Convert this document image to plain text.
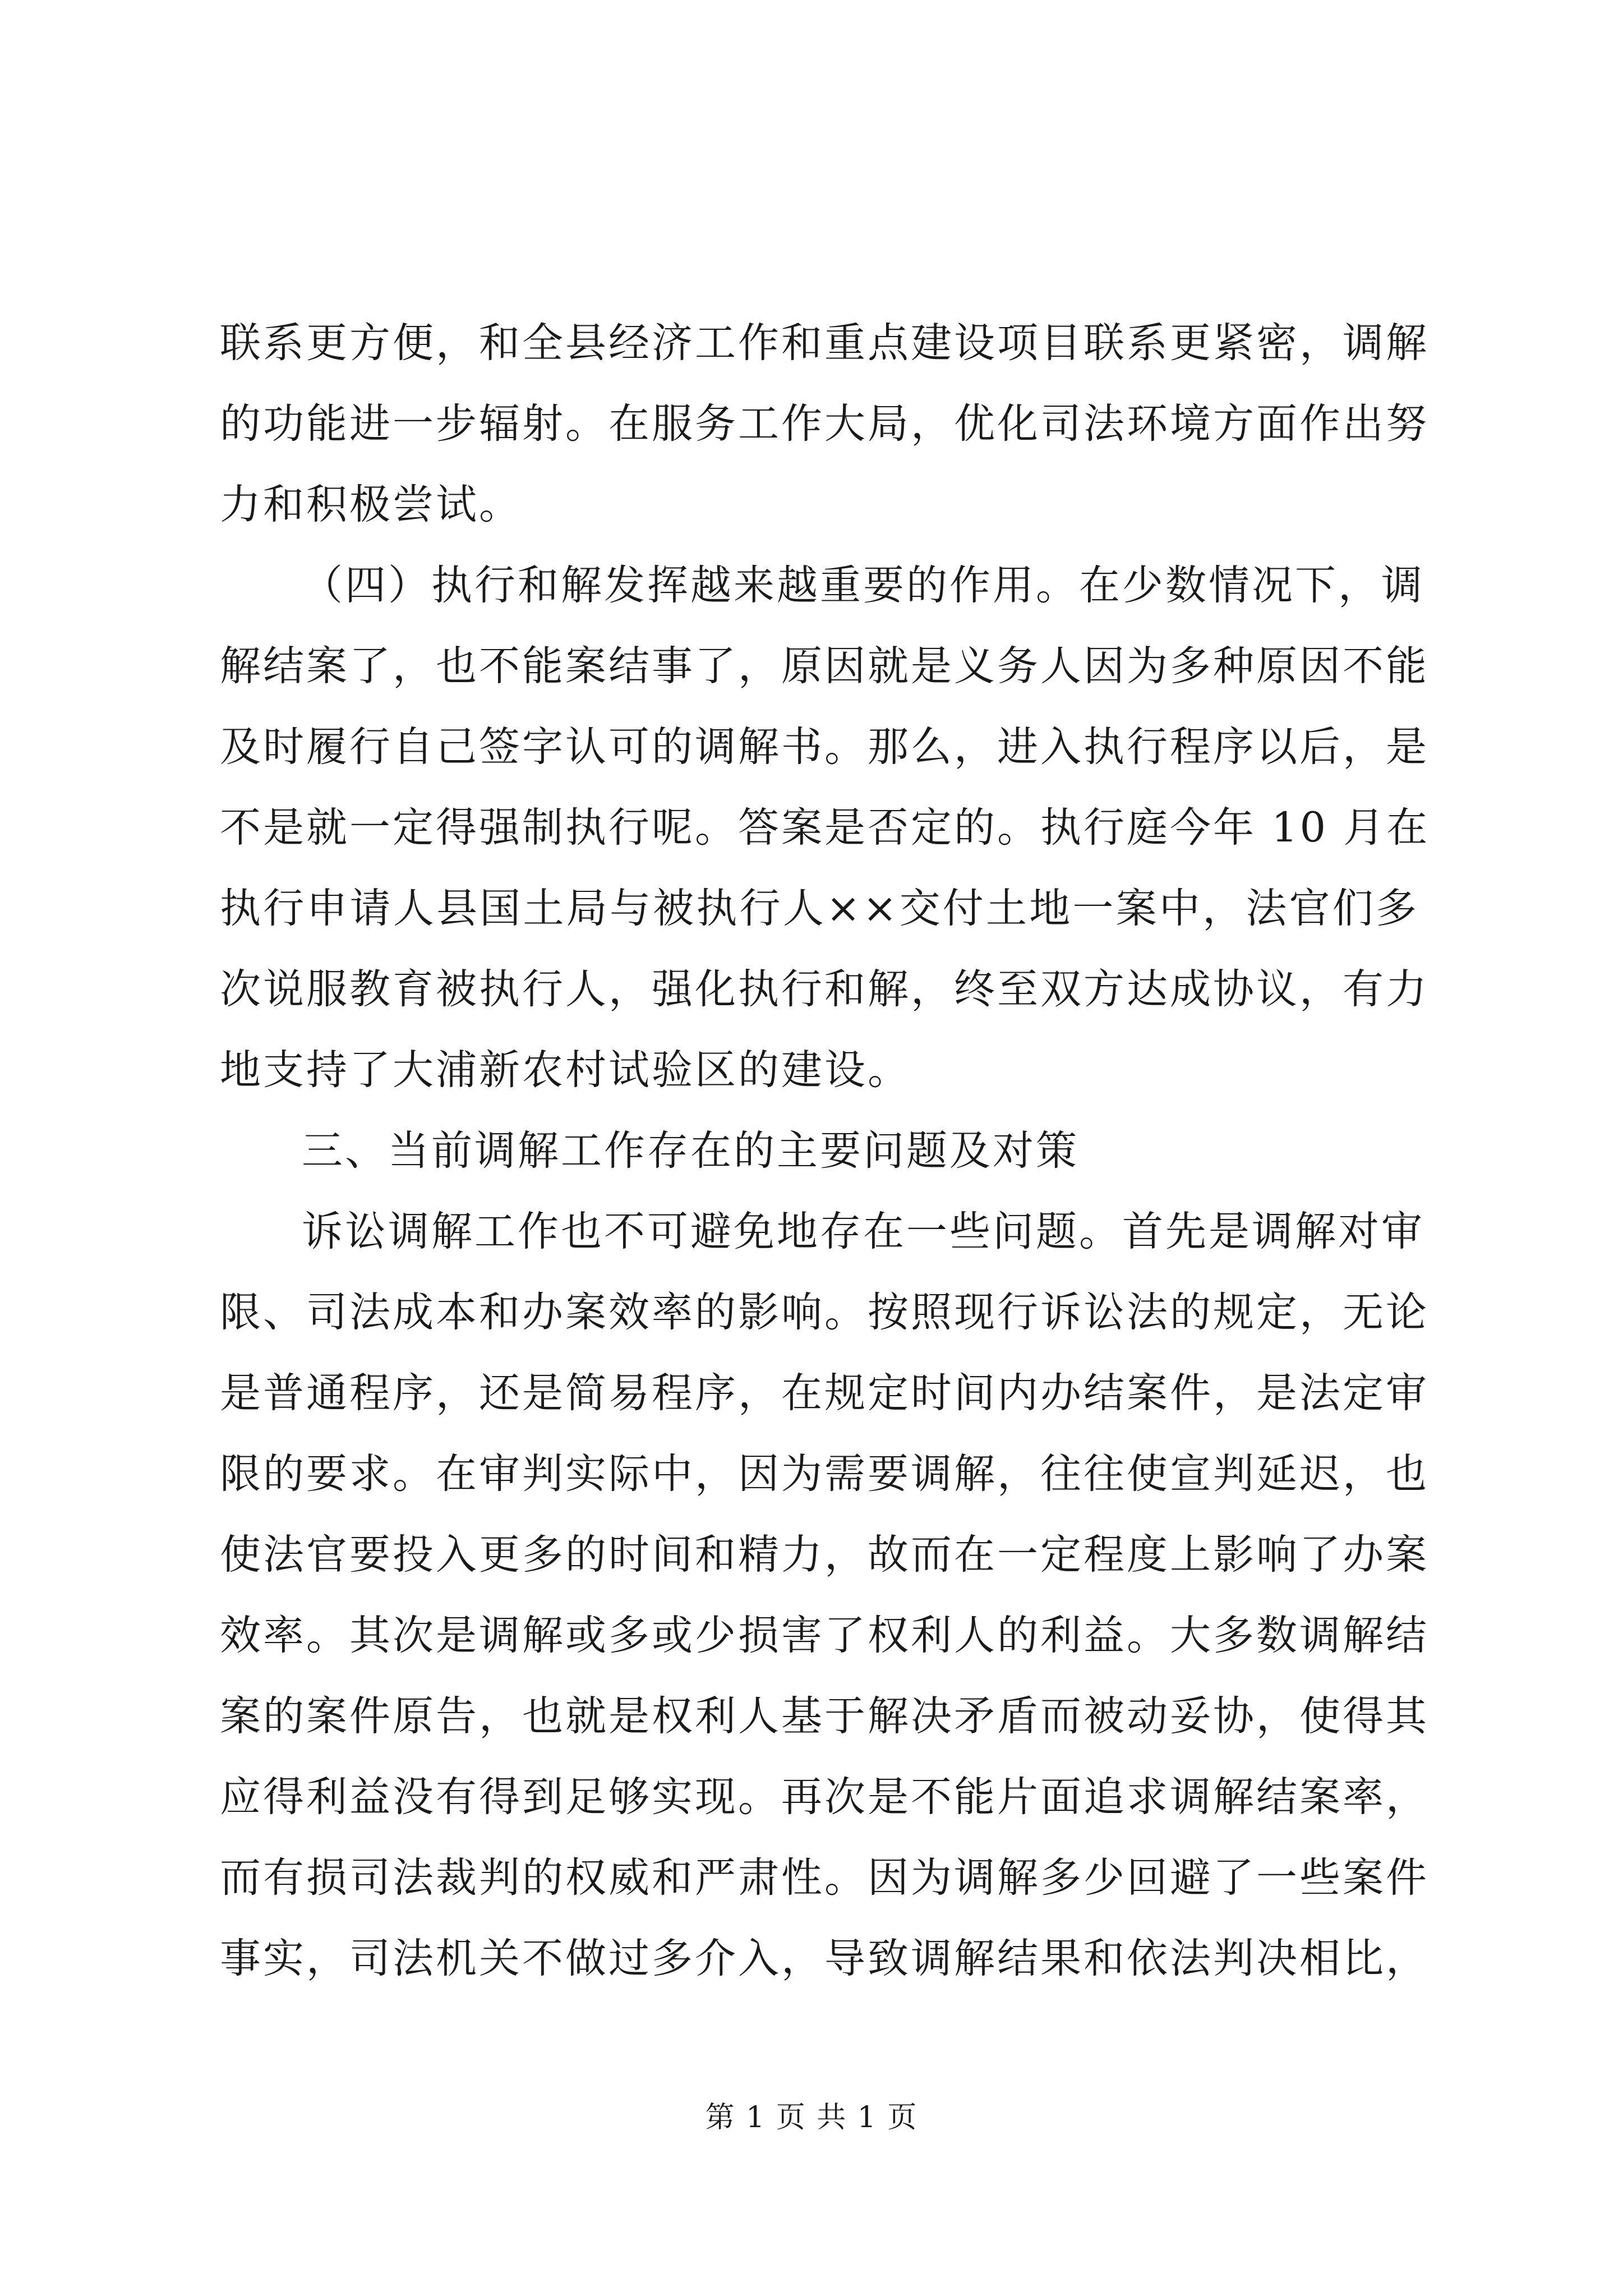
联系更方便，和全县经济工作和重点建设项目联系更紧密，调解
的功能进一步辐射。在服务工作大局，优化司法环境方面作出努
力和积极尝试。
（四）执行和解发挥越来越重要的作用。在少数情况下，调
解结案了，也不能案结事了，原因就是义务人因为多种原因不能
及时履行自己签字认可的调解书。那么，进入执行程序以后，是
不是就一定得强制执行呢。答案是否定的。执行庭今年 10 月在
执行申请人县国土局与被执行人××交付土地一案中，法官们多
次说服教育被执行人，强化执行和解，终至双方达成协议，有力
地支持了大浦新农村试验区的建设。
三、当前调解工作存在的主要问题及对策
诉讼调解工作也不可避免地存在一些问题。首先是调解对审
限、司法成本和办案效率的影响。按照现行诉讼法的规定，无论
是普通程序，还是简易程序，在规定时间内办结案件，是法定审
限的要求。在审判实际中，因为需要调解，往往使宣判延迟，也
使法官要投入更多的时间和精力，故而在一定程度上影响了办案
效率。其次是调解或多或少损害了权利人的利益。大多数调解结
案的案件原告，也就是权利人基于解决矛盾而被动妥协，使得其
应得利益没有得到足够实现。再次是不能片面追求调解结案率，
而有损司法裁判的权威和严肃性。因为调解多少回避了一些案件
事实，司法机关不做过多介入，导致调解结果和依法判决相比，
第 1 页 共 1 页
